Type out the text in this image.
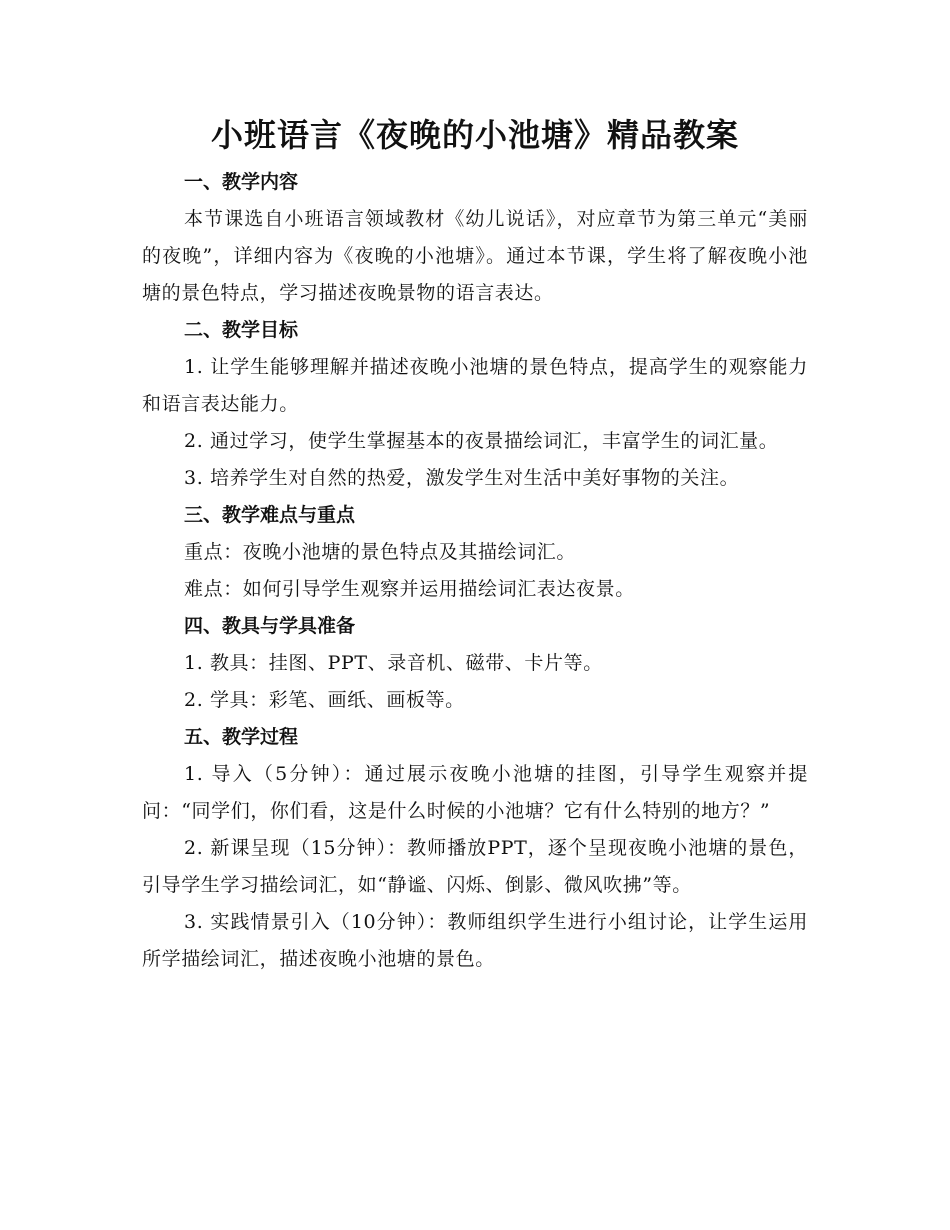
小班语言《夜晚的小池塘》精品教案

一、教学内容

本节课选自小班语言领域教材《幼儿说话》，对应章节为第三单元“美丽的夜晚”，详细内容为《夜晚的小池塘》。通过本节课，学生将了解夜晚小池塘的景色特点，学习描述夜晚景物的语言表达。

二、教学目标

1. 让学生能够理解并描述夜晚小池塘的景色特点，提高学生的观察能力和语言表达能力。

2. 通过学习，使学生掌握基本的夜景描绘词汇，丰富学生的词汇量。

3. 培养学生对自然的热爱，激发学生对生活中美好事物的关注。

三、教学难点与重点

重点：夜晚小池塘的景色特点及其描绘词汇。

难点：如何引导学生观察并运用描绘词汇表达夜景。

四、教具与学具准备

1. 教具：挂图、PPT、录音机、磁带、卡片等。

2. 学具：彩笔、画纸、画板等。

五、教学过程

1. 导入（5分钟）：通过展示夜晚小池塘的挂图，引导学生观察并提问：“同学们，你们看，这是什么时候的小池塘？它有什么特别的地方？”

2. 新课呈现（15分钟）：教师播放PPT，逐个呈现夜晚小池塘的景色，引导学生学习描绘词汇，如“静谧、闪烁、倒影、微风吹拂”等。

3. 实践情景引入（10分钟）：教师组织学生进行小组讨论，让学生运用所学描绘词汇，描述夜晚小池塘的景色。
